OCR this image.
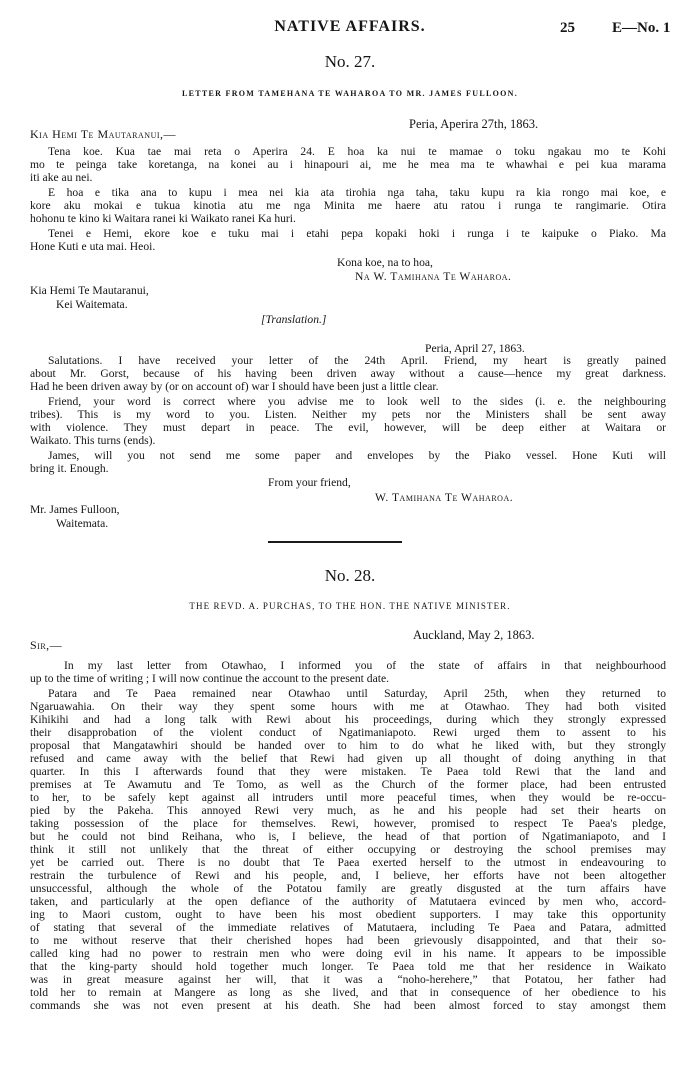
NATIVE AFFAIRS.	25 E—No. 1
No. 27.
LETTER FROM TAMEHANA TE WAHAROA TO MR. JAMES FULLOON.
Peria, Aperira 27th, 1863.
Kia Hemi Te Mautaranui,—
Tena koe. Kua tae mai reta o Aperira 24. E hoa ka nui te mamae o toku ngakau mo te Kohi
mo te peinga take koretanga, na konei au i hinapouri ai, me he mea ma te whawhai e pei kua marama
iti ake au nei.
E hoa e tika ana to kupu i mea nei kia ata tirohia nga taha, taku kupu ra kia rongo mai koe, e
kore aku mokai e tukua kinotia atu me nga Minita me haere atu ratou i runga te rangimarie. Otira
hohonu te kino ki Waitara ranei ki Waikato ranei Ka huri.
Tenei e Hemi, ekore koe e tuku mai i etahi pepa kopaki hoki i runga i te kaipuke o Piako. Ma
Hone Kuti e uta mai. Heoi.
Kona koe, na to hoa,
Na W. Tamihana Te Waharoa.
Kia Hemi Te Mautaranui,
Kei Waitemata.
[Translation.]
Peria, April 27, 1863.
Salutations. I have received your letter of the 24th April. Friend, my heart is greatly pained
about Mr. Gorst, because of his having been driven away without a cause—hence my great darkness.
Had he been driven away by (or on account of) war I should have been just a little clear.
Friend, your word is correct where you advise me to look well to the sides (i. e. the neighbouring
tribes). This is my word to you. Listen. Neither my pets nor the Ministers shall be sent away
with violence. They must depart in peace. The evil, however, will be deep either at Waitara or
Waikato. This turns (ends).
James, will you not send me some paper and envelopes by the Piako vessel. Hone Kuti will
bring it. Enough.
From your friend,
W. Tamihana Te Waharoa.
Mr. James Fulloon,
Waitemata.
No. 28.
THE REVD. A. PURCHAS, TO THE HON. THE NATIVE MINISTER.
Auckland, May 2, 1863.
Sir,—
In my last letter from Otawhao, I informed you of the state of affairs in that neighbourhood
up to the time of writing ; I will now continue the account to the present date.
Patara and Te Paea remained near Otawhao until Saturday, April 25th, when they returned to
Ngaruawahia. On their way they spent some hours with me at Otawhao. They had both visited
Kihikihi and had a long talk with Rewi about his proceedings, during which they strongly expressed
their disapprobation of the violent conduct of Ngatimaniapoto. Rewi urged them to assent to his
proposal that Mangatawhiri should be handed over to him to do what he liked with, but they strongly
refused and came away with the belief that Rewi had given up all thought of doing anything in that
quarter. In this I afterwards found that they were mistaken. Te Paea told Rewi that the land and
premises at Te Awamutu and Te Tomo, as well as the Church of the former place, had been entrusted
to her, to be safely kept against all intruders until more peaceful times, when they would be re-occu-
pied by the Pakeha. This annoyed Rewi very much, as he and his people had set their hearts on
taking possession of the place for themselves. Rewi, however, promised to respect Te Paea's pledge,
but he could not bind Reihana, who is, I believe, the head of that portion of Ngatimaniapoto, and I
think it still not unlikely that the threat of either occupying or destroying the school premises may
yet be carried out. There is no doubt that Te Paea exerted herself to the utmost in endeavouring to
restrain the turbulence of Rewi and his people, and, I believe, her efforts have not been altogether
unsuccessful, although the whole of the Potatou family are greatly disgusted at the turn affairs have
taken, and particularly at the open defiance of the authority of Matutaera evinced by men who, accord-
ing to Maori custom, ought to have been his most obedient supporters. I may take this opportunity
of stating that several of the immediate relatives of Matutaera, including Te Paea and Patara, admitted
to me without reserve that their cherished hopes had been grievously disappointed, and that their so-
called king had no power to restrain men who were doing evil in his name. It appears to be impossible
that the king-party should hold together much longer. Te Paea told me that her residence in Waikato
was in great measure against her will, that it was a “noho-herehere,” that Potatou, her father had
told her to remain at Mangere as long as she lived, and that in consequence of her obedience to his
commands she was not even present at his death. She had been almost forced to stay amongst them
